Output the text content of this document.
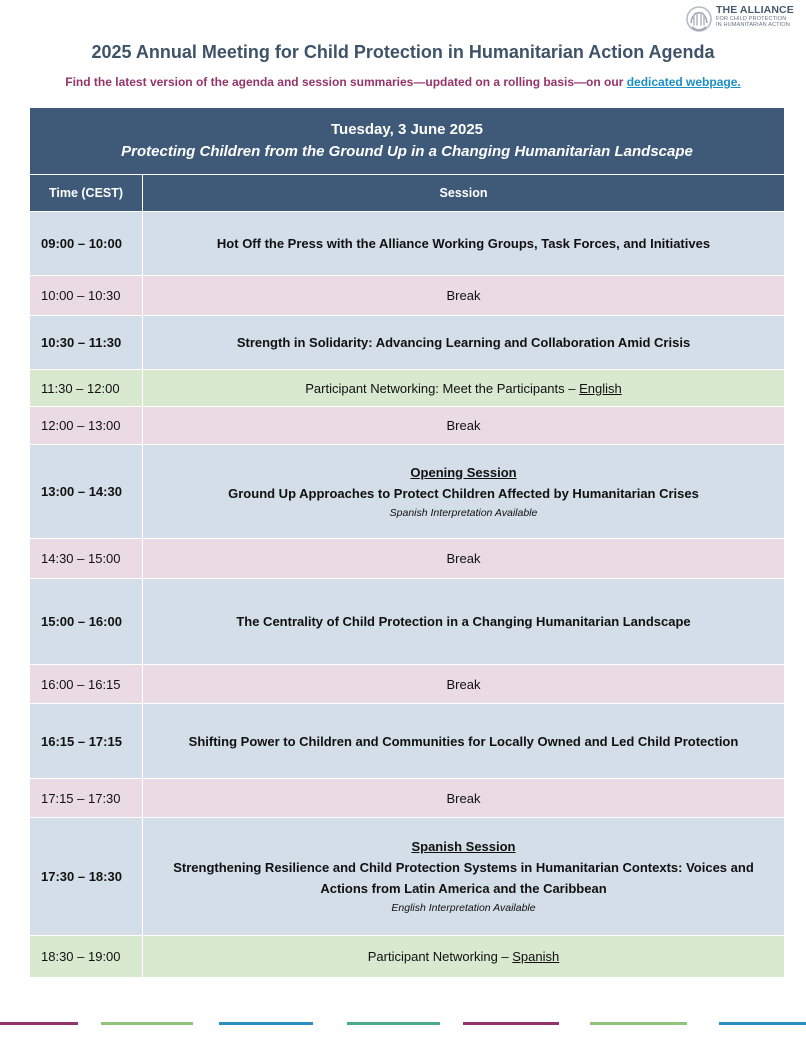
THE ALLIANCE
FOR CHILD PROTECTION
IN HUMANITARIAN ACTION
2025 Annual Meeting for Child Protection in Humanitarian Action Agenda
Find the latest version of the agenda and session summaries—updated on a rolling basis—on our dedicated webpage.
Tuesday, 3 June 2025
Protecting Children from the Ground Up in a Changing Humanitarian Landscape	

Time (CEST)	Session
09:00 – 10:00	Hot Off the Press with the Alliance Working Groups, Task Forces, and Initiatives
10:00 – 10:30	Break
10:30 – 11:30	Strength in Solidarity: Advancing Learning and Collaboration Amid Crisis
11:30 – 12:00	Participant Networking: Meet the Participants – English
12:00 – 13:00	Break
13:00 – 14:30	Opening Session
Ground Up Approaches to Protect Children Affected by Humanitarian Crises
Spanish Interpretation Available

14:30 – 15:00	Break
15:00 – 16:00	The Centrality of Child Protection in a Changing Humanitarian Landscape
16:00 – 16:15	Break
16:15 – 17:15	Shifting Power to Children and Communities for Locally Owned and Led Child Protection
17:15 – 17:30	Break
17:30 – 18:30	Spanish Session
Strengthening Resilience and Child Protection Systems in Humanitarian Contexts: Voices and Actions from Latin America and the Caribbean
English Interpretation Available

18:30 – 19:00	Participant Networking – Spanish
